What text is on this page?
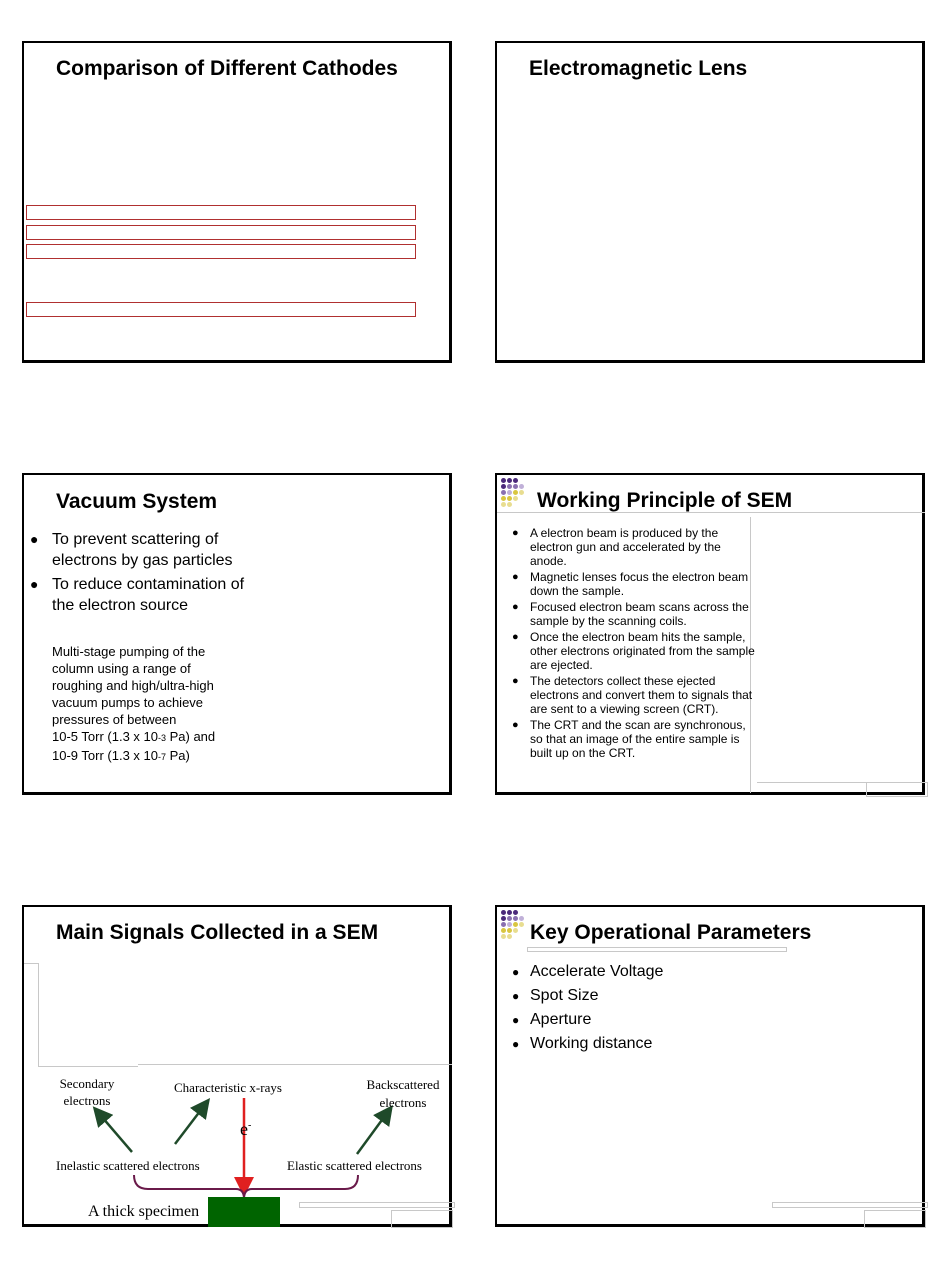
Comparison of Different Cathodes	Electromagnetic Lens
Vacuum System
● To prevent scattering of electrons by gas particles
● To reduce contamination of the electron source
Multi-stage pumping of the
column using a range of
roughing and high/ultra-high
vacuum pumps to achieve
pressures of between
10-5 Torr (1.3 x 10-3 Pa) and
10-9 Torr (1.3 x 10-7 Pa)
Working Principle of SEM
● A electron beam is produced by the electron gun and accelerated by the anode.
● Magnetic lenses focus the electron beam down the sample.
● Focused electron beam scans across the sample by the scanning coils.
● Once the electron beam hits the sample, other electrons originated from the sample are ejected.
● The detectors collect these ejected electrons and convert them to signals that are sent to a viewing screen (CRT).
● The CRT and the scan are synchronous, so that an image of the entire sample is built up on the CRT.
Main Signals Collected in a SEM
Secondary
electrons
Characteristic x-rays	Backscattered
electrons
e-
Inelastic scattered electrons	Elastic scattered electrons
A thick specimen
Key Operational Parameters
● Accelerate Voltage
● Spot Size
● Aperture
● Working distance
